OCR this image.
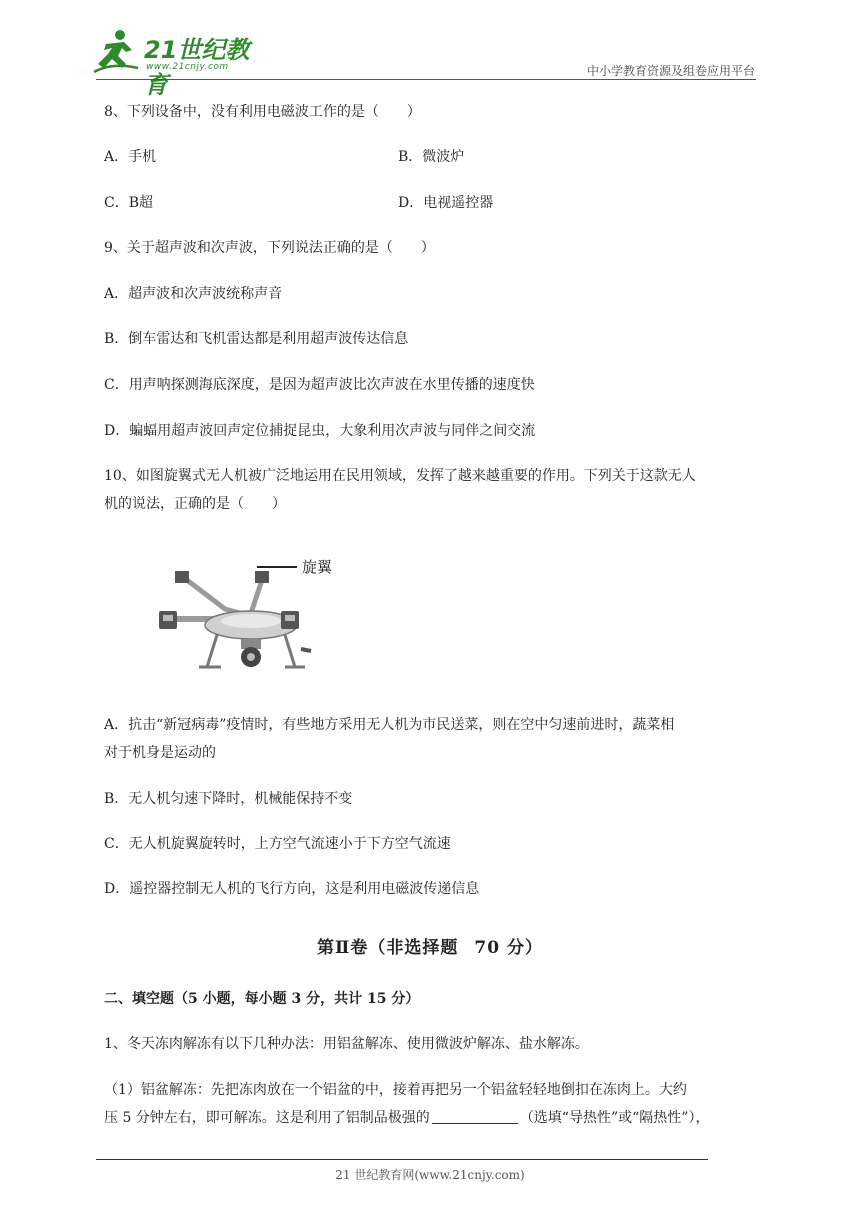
21世纪教育
www.21cnjy.com	中小学教育资源及组卷应用平台
8、下列设备中，没有利用电磁波工作的是（　　）
A．手机	B．微波炉
C．B超	D．电视遥控器
9、关于超声波和次声波，下列说法正确的是（　　）
A．超声波和次声波统称声音
B．倒车雷达和飞机雷达都是利用超声波传达信息
C．用声呐探测海底深度，是因为超声波比次声波在水里传播的速度快
D．蝙蝠用超声波回声定位捕捉昆虫，大象利用次声波与同伴之间交流
10、如图旋翼式无人机被广泛地运用在民用领域，发挥了越来越重要的作用。下列关于这款无人
机的说法，正确的是（　　）
旋翼
A．抗击“新冠病毒”疫情时，有些地方采用无人机为市民送菜，则在空中匀速前进时，蔬菜相
对于机身是运动的
B．无人机匀速下降时，机械能保持不变
C．无人机旋翼旋转时，上方空气流速小于下方空气流速
D．遥控器控制无人机的飞行方向，这是利用电磁波传递信息
第Ⅱ卷（非选择题 70 分）
二、填空题（5 小题，每小题 3 分，共计 15 分）
1、冬天冻肉解冻有以下几种办法：用铝盆解冻、使用微波炉解冻、盐水解冻。
（1）铝盆解冻：先把冻肉放在一个铝盆的中，接着再把另一个铝盆轻轻地倒扣在冻肉上。大约
压 5 分钟左右，即可解冻。这是利用了铝制品极强的	（选填“导热性”或“隔热性”），
21 世纪教育网(www.21cnjy.com)
